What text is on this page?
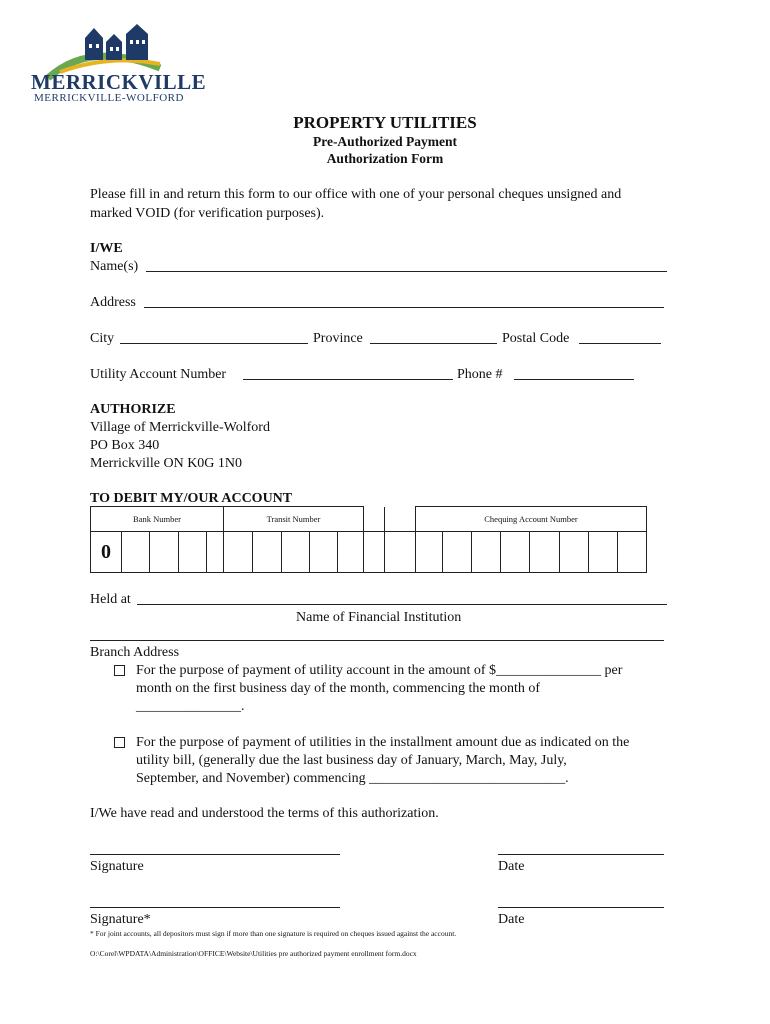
MERRICKVILLE
MERRICKVILLE-WOLFORD
PROPERTY UTILITIES
Pre-Authorized Payment
Authorization Form
Please fill in and return this form to our office with one of your personal cheques unsigned and
marked VOID (for verification purposes).
I/WE
Name(s)
Address
City	Province	Postal Code
Utility Account Number	Phone #
AUTHORIZE
Village of Merrickville-Wolford
PO Box 340
Merrickville ON K0G 1N0
TO DEBIT MY/OUR ACCOUNT
Bank Number					Transit Number							Chequing Account Number							
0																			
Held at
Name of Financial Institution
Branch Address
For the purpose of payment of utility account in the amount of $_______________ per
month on the first business day of the month, commencing the month of
_______________.
For the purpose of payment of utilities in the installment amount due as indicated on the
utility bill, (generally due the last business day of January, March, May, July,
September, and November) commencing ____________________________.
I/We have read and understood the terms of this authorization.
Signature	Date
Signature*	Date
* For joint accounts, all depositors must sign if more than one signature is required on cheques issued against the account.
O:\Corel\WPDATA\Administration\OFFICE\Website\Utilities pre authorized payment enrollment form.docx
